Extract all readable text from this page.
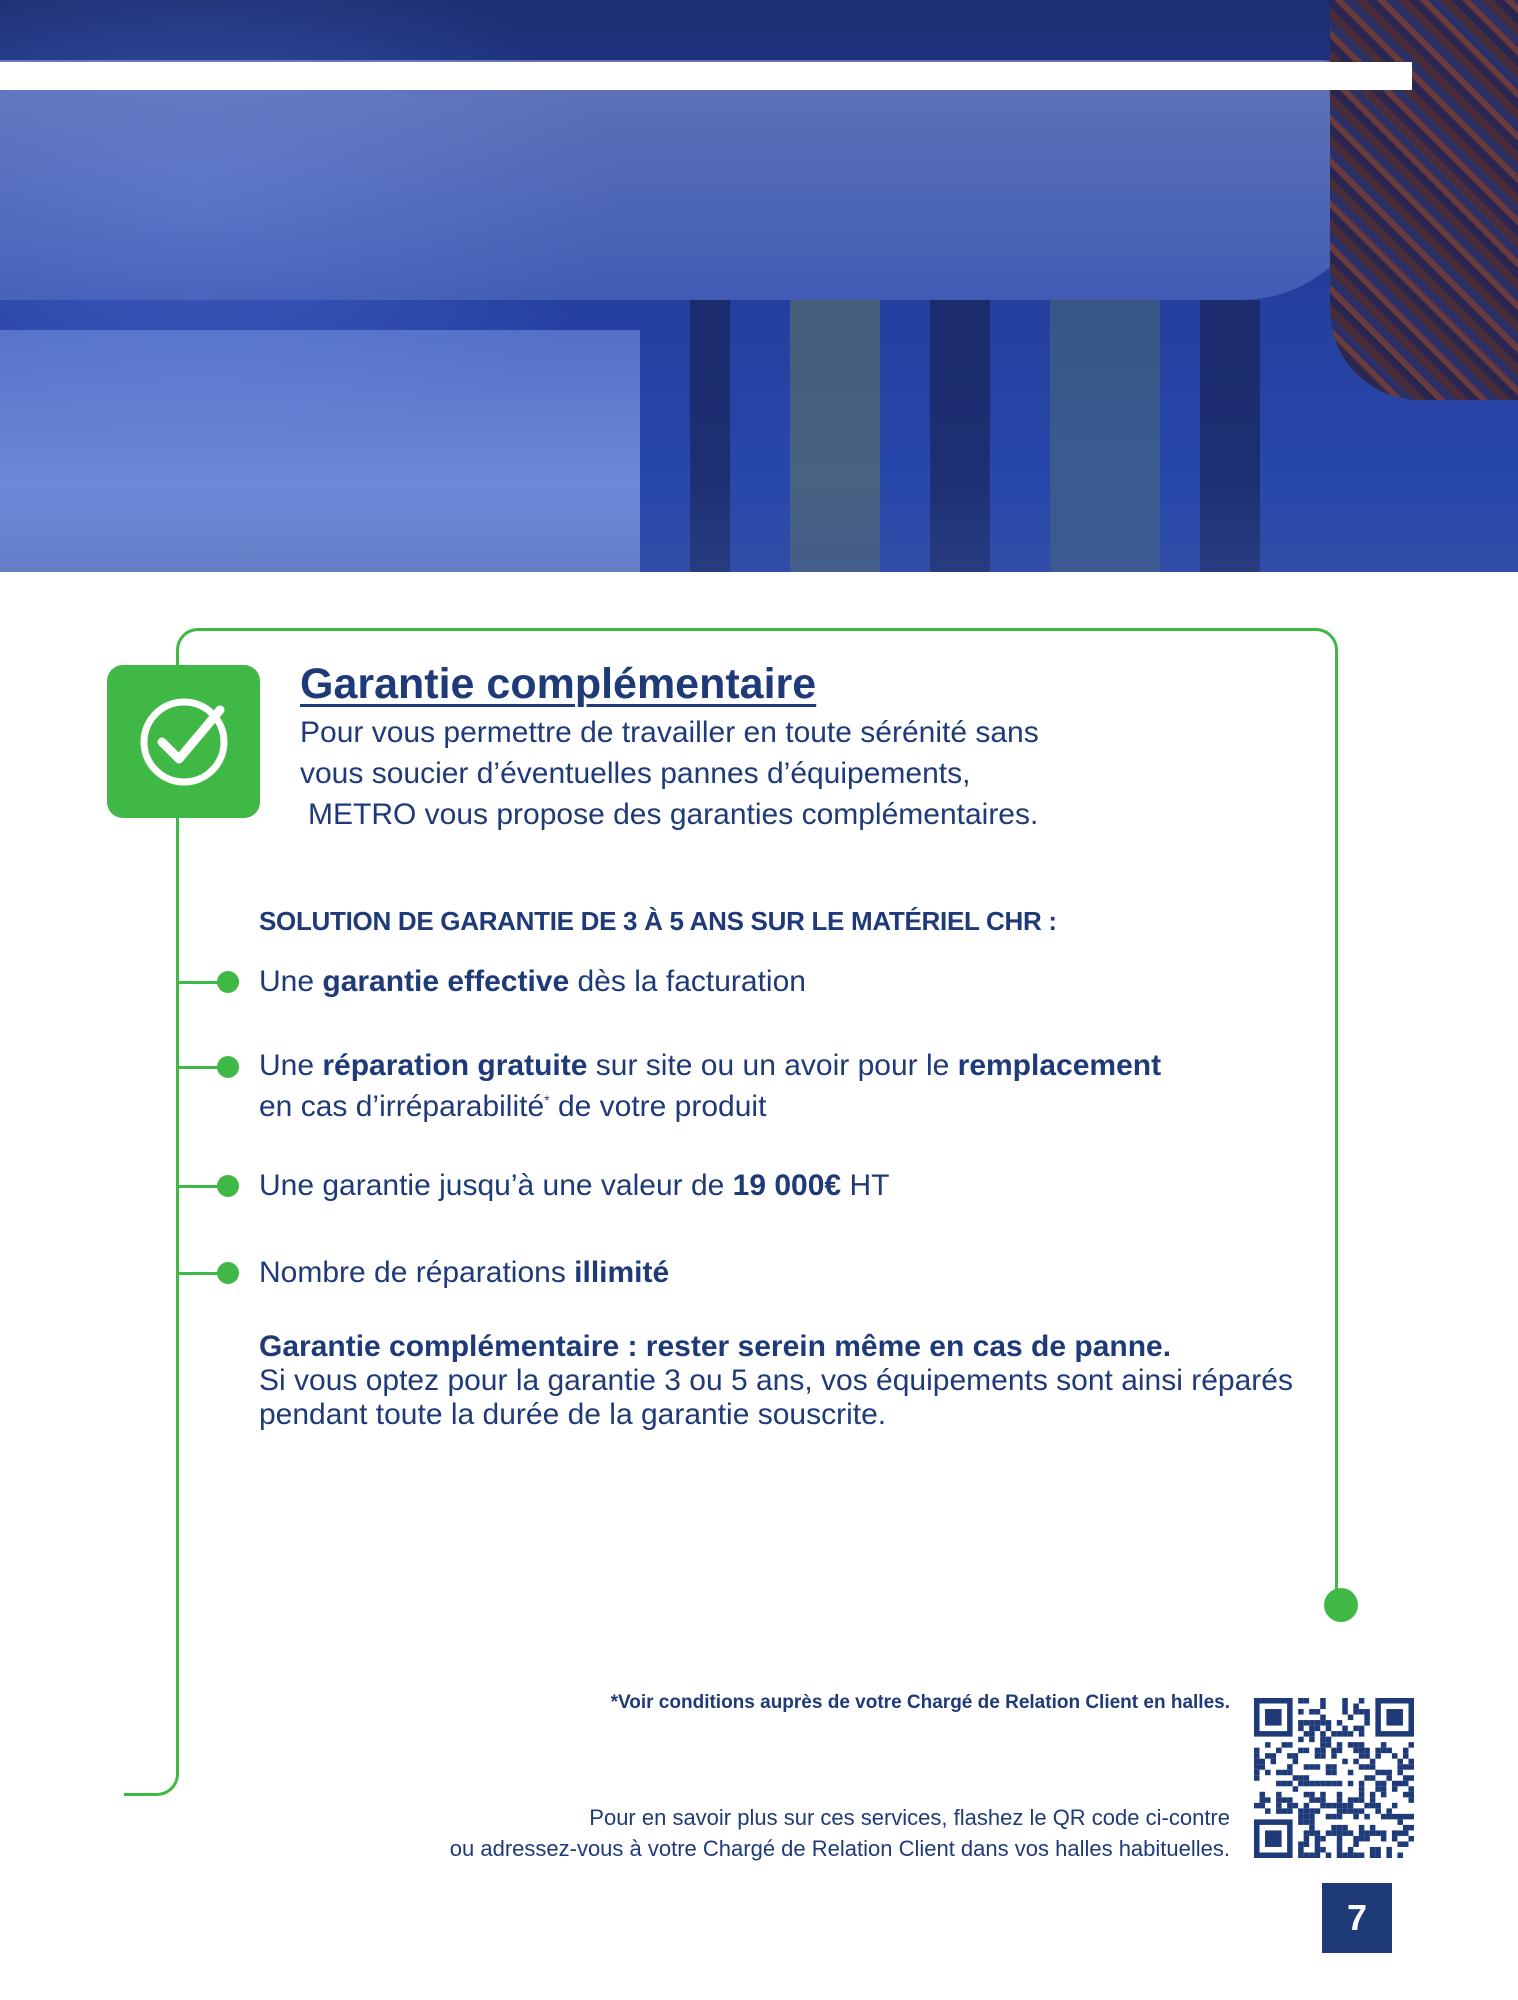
Garantie complémentaire
Pour vous permettre de travailler en toute sérénité sans
vous soucier d’éventuelles pannes d’équipements,
METRO vous propose des garanties complémentaires.
SOLUTION DE GARANTIE DE 3 À 5 ANS SUR LE MATÉRIEL CHR :
Une garantie effective dès la facturation
Une réparation gratuite sur site ou un avoir pour le remplacement
en cas d’irréparabilité* de votre produit
Une garantie jusqu’à une valeur de 19 000€ HT
Nombre de réparations illimité
Garantie complémentaire : rester serein même en cas de panne.
Si vous optez pour la garantie 3 ou 5 ans, vos équipements sont ainsi réparés
pendant toute la durée de la garantie souscrite.
*Voir conditions auprès de votre Chargé de Relation Client en halles.
Pour en savoir plus sur ces services, flashez le QR code ci-contre
ou adressez-vous à votre Chargé de Relation Client dans vos halles habituelles.
7
